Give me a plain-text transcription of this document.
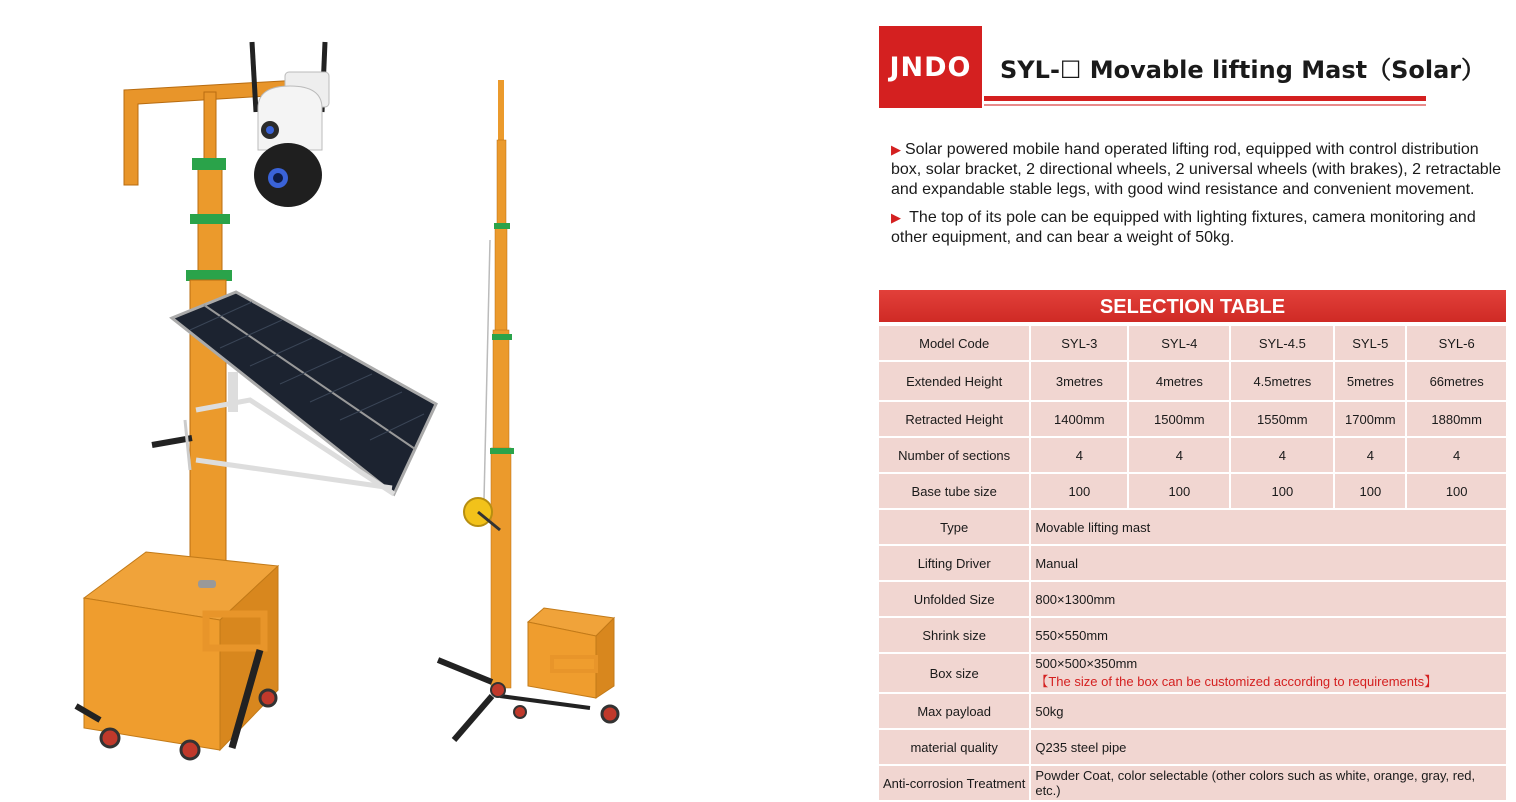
JNDO	SYL-☐ Movable lifting Mast（Solar）

▶ Solar powered mobile hand operated lifting rod, equipped with control distribution box, solar bracket, 2 directional wheels, 2 universal wheels (with brakes), 2 retractable and expandable stable legs, with good wind resistance and convenient movement.

▶ The top of its pole can be equipped with lighting fixtures, camera monitoring and other equipment, and can bear a weight of 50kg.

SELECTION TABLE
Model Code	SYL-3	SYL-4	SYL-4.5	SYL-5	SYL-6
Extended Height	3metres	4metres	4.5metres	5metres	66metres
Retracted Height	1400mm	1500mm	1550mm	1700mm	1880mm
Number of sections	4	4	4	4	4
Base tube size	100	100	100	100	100
Type	Movable lifting mast				
Lifting Driver	Manual				
Unfolded Size	800×1300mm				
Shrink size	550×550mm				
Box size	500×500×350mm
【The size of the box can be customized according to requirements】				

Max payload	50kg				
material quality	Q235 steel pipe				
Anti-corrosion Treatment	Powder Coat, color selectable (other colors such as white, orange, gray, red, etc.)				
